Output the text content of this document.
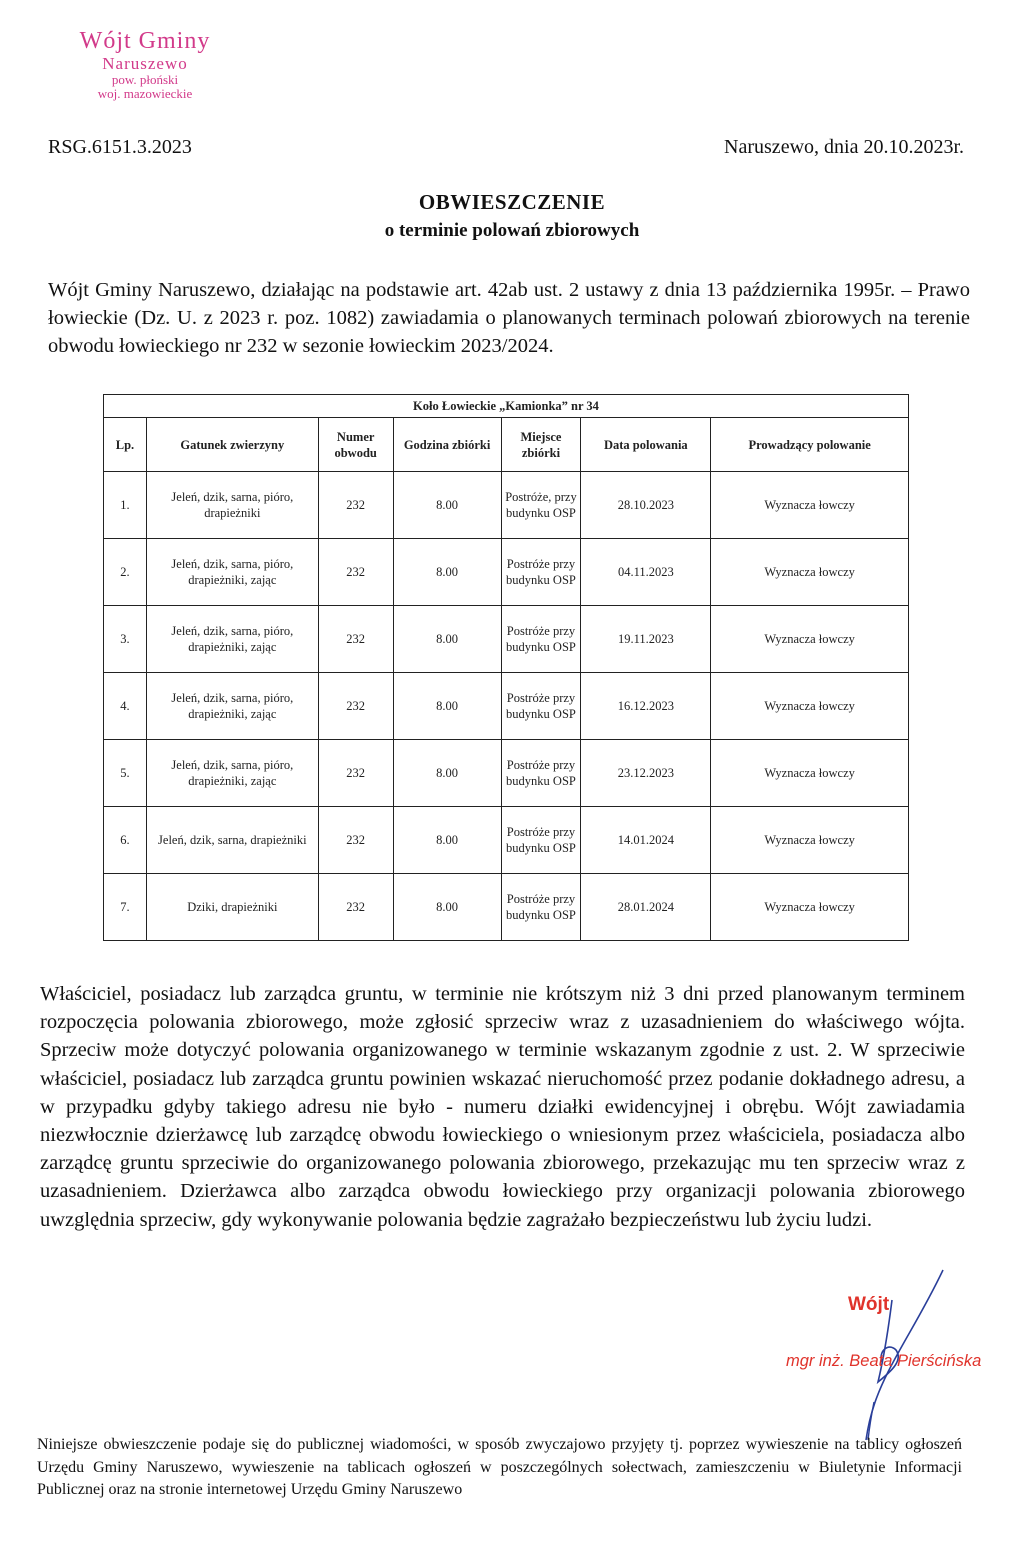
Wójt Gminy
Naruszewo
pow. płoński
woj. mazowieckie
RSG.6151.3.2023	Naruszewo, dnia 20.10.2023r.
OBWIESZCZENIE
o terminie polowań zbiorowych
Wójt Gminy Naruszewo, działając na podstawie art. 42ab ust. 2 ustawy z dnia 13 października 1995r. – Prawo łowieckie (Dz. U. z 2023 r. poz. 1082) zawiadamia o planowanych terminach polowań zbiorowych na terenie obwodu łowieckiego nr 232 w sezonie łowieckim 2023/2024.
Koło Łowieckie „Kamionka” nr 34						
Lp.	Gatunek zwierzyny	Numer obwodu	Godzina zbiórki	Miejsce zbiórki	Data polowania	Prowadzący polowanie
1.	Jeleń, dzik, sarna, pióro, drapieżniki	232	8.00	Postróże, przy budynku OSP	28.10.2023	Wyznacza łowczy
2.	Jeleń, dzik, sarna, pióro, drapieżniki, zając	232	8.00	Postróże przy budynku OSP	04.11.2023	Wyznacza łowczy
3.	Jeleń, dzik, sarna, pióro, drapieżniki, zając	232	8.00	Postróże przy budynku OSP	19.11.2023	Wyznacza łowczy
4.	Jeleń, dzik, sarna, pióro, drapieżniki, zając	232	8.00	Postróże przy budynku OSP	16.12.2023	Wyznacza łowczy
5.	Jeleń, dzik, sarna, pióro, drapieżniki, zając	232	8.00	Postróże przy budynku OSP	23.12.2023	Wyznacza łowczy
6.	Jeleń, dzik, sarna, drapieżniki	232	8.00	Postróże przy budynku OSP	14.01.2024	Wyznacza łowczy
7.	Dziki, drapieżniki	232	8.00	Postróże przy budynku OSP	28.01.2024	Wyznacza łowczy
Właściciel, posiadacz lub zarządca gruntu, w terminie nie krótszym niż 3 dni przed planowanym terminem rozpoczęcia polowania zbiorowego, może zgłosić sprzeciw wraz z uzasadnieniem do właściwego wójta. Sprzeciw może dotyczyć polowania organizowanego w terminie wskazanym zgodnie z ust. 2. W sprzeciwie właściciel, posiadacz lub zarządca gruntu powinien wskazać nieruchomość przez podanie dokładnego adresu, a w przypadku gdyby takiego adresu nie było - numeru działki ewidencyjnej i obrębu. Wójt zawiadamia niezwłocznie dzierżawcę lub zarządcę obwodu łowieckiego o wniesionym przez właściciela, posiadacza albo zarządcę gruntu sprzeciwie do organizowanego polowania zbiorowego, przekazując mu ten sprzeciw wraz z uzasadnieniem. Dzierżawca albo zarządca obwodu łowieckiego przy organizacji polowania zbiorowego uwzględnia sprzeciw, gdy wykonywanie polowania będzie zagrażało bezpieczeństwu lub życiu ludzi.
Wójt
mgr inż. Beata Pierścińska
Niniejsze obwieszczenie podaje się do publicznej wiadomości, w sposób zwyczajowo przyjęty tj. poprzez wywieszenie na tablicy ogłoszeń Urzędu Gminy Naruszewo, wywieszenie na tablicach ogłoszeń w poszczególnych sołectwach, zamieszczeniu w Biuletynie Informacji Publicznej oraz na stronie internetowej Urzędu Gminy Naruszewo
